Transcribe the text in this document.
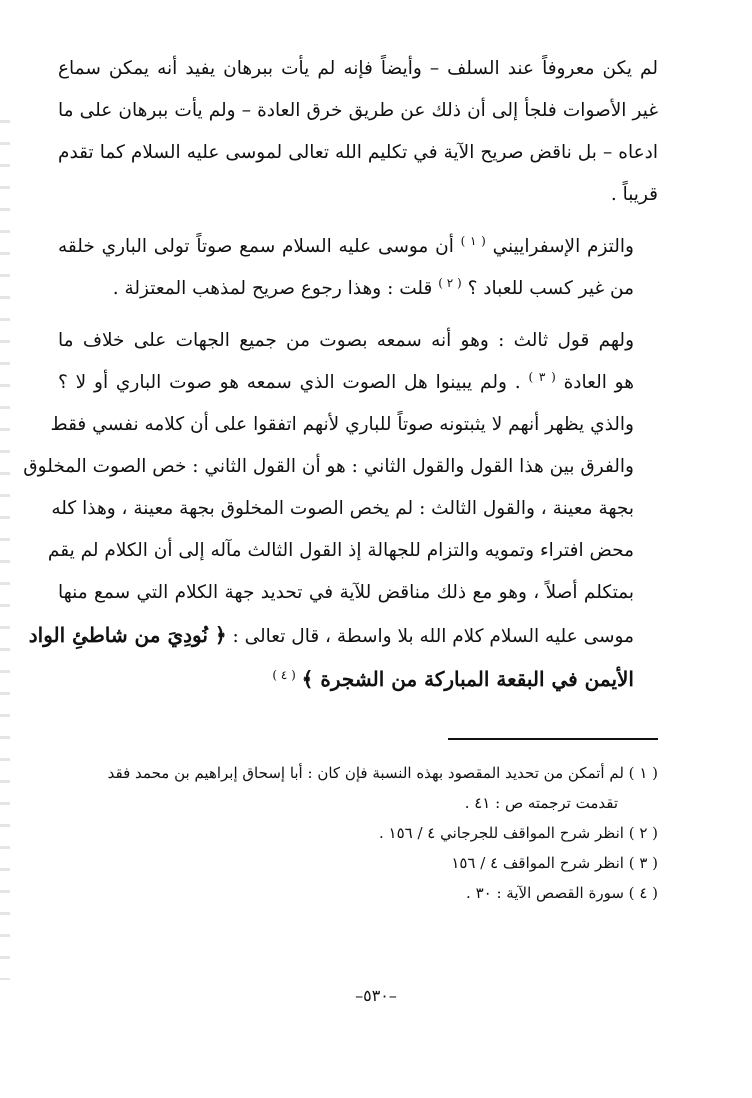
لم يكن معروفاً عند السلف – وأيضاً فإنه لم يأت ببرهان يفيد أنه يمكن سماع
غير الأصوات فلجأ إلى أن ذلك عن طريق خرق العادة – ولم يأت ببرهان على ما
ادعاه – بل ناقض صريح الآية في تكليم الله تعالى لموسى عليه السلام كما تقدم
قريباً .

والتزم الإسفراييني $^{( ١ )}$ أن موسى عليه السلام سمع صوتاً تولى الباري خلقه
من غير كسب للعباد ؟ $^{( ٢ )}$ قلت : وهذا رجوع صريح لمذهب المعتزلة .

ولهم قول ثالث : وهو أنه سمعه بصوت من جميع الجهات على خلاف ما
هو العادة $^{( ٣ )}$ . ولم يبينوا هل الصوت الذي سمعه هو صوت الباري أو لا ؟
والذي يظهر أنهم لا يثبتونه صوتاً للباري لأنهم اتفقوا على أن كلامه نفسي فقط
والفرق بين هذا القول والقول الثاني : هو أن القول الثاني : خص الصوت المخلوق
بجهة معينة ، والقول الثالث : لم يخص الصوت المخلوق بجهة معينة ، وهذا كله
محض افتراء وتمويه والتزام للجهالة إذ القول الثالث مآله إلى أن الكلام لم يقم
بمتكلم أصلاً ، وهو مع ذلك مناقض للآية في تحديد جهة الكلام التي سمع منها
موسى عليه السلام كلام الله بلا واسطة ، قال تعالى : ﴿ نُودِيَ من شاطئِ الواد
الأيمن في البقعة المباركة من الشجرة ﴾ $^{( ٤ )}$

( ١ ) لم أتمكن من تحديد المقصود بهذه النسبة فإن كان : أبا إسحاق إبراهيم بن محمد فقد
تقدمت ترجمته ص : ٤١ .
( ٢ ) انظر شرح المواقف للجرجاني ٤ / ١٥٦ .
( ٣ ) انظر شرح المواقف ٤ / ١٥٦
( ٤ ) سورة القصص الآية : ٣٠ .
–٥٣٠–
